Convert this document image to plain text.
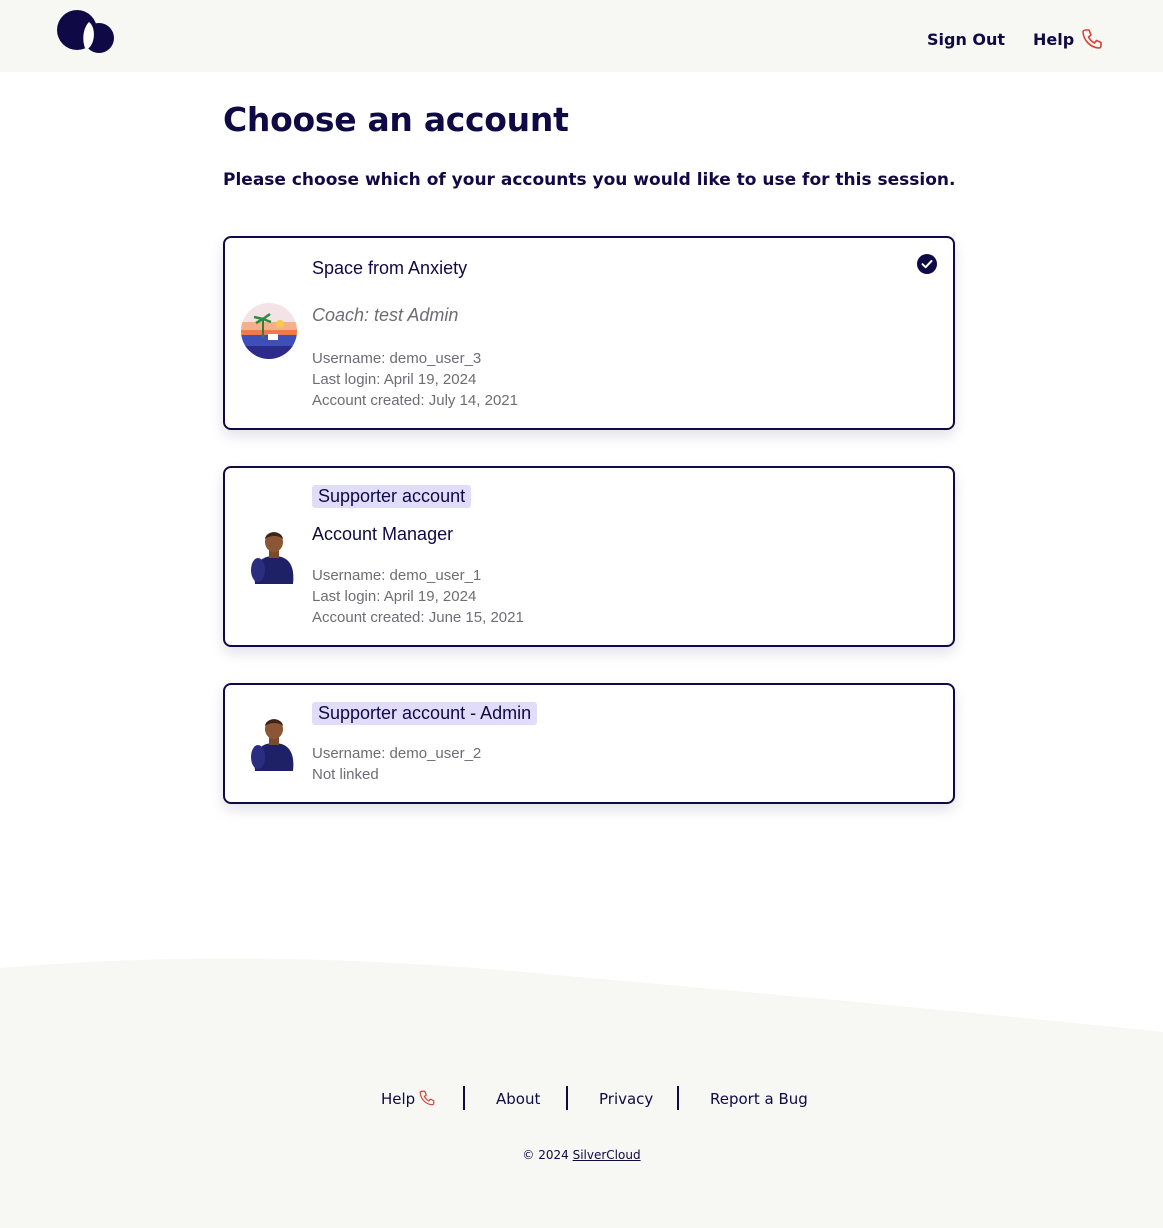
Sign Out Help
Choose an account

Please choose which of your accounts you would like to use for this session.

Space from Anxiety
Coach: test Admin
Username: demo_user_3
Last login: April 19, 2024
Account created: July 14, 2021
Supporter account
Account Manager
Username: demo_user_1
Last login: April 19, 2024
Account created: June 15, 2021
Supporter account - Admin
Username: demo_user_2
Not linked
Help	About	Privacy	Report a Bug
© 2024 SilverCloud
